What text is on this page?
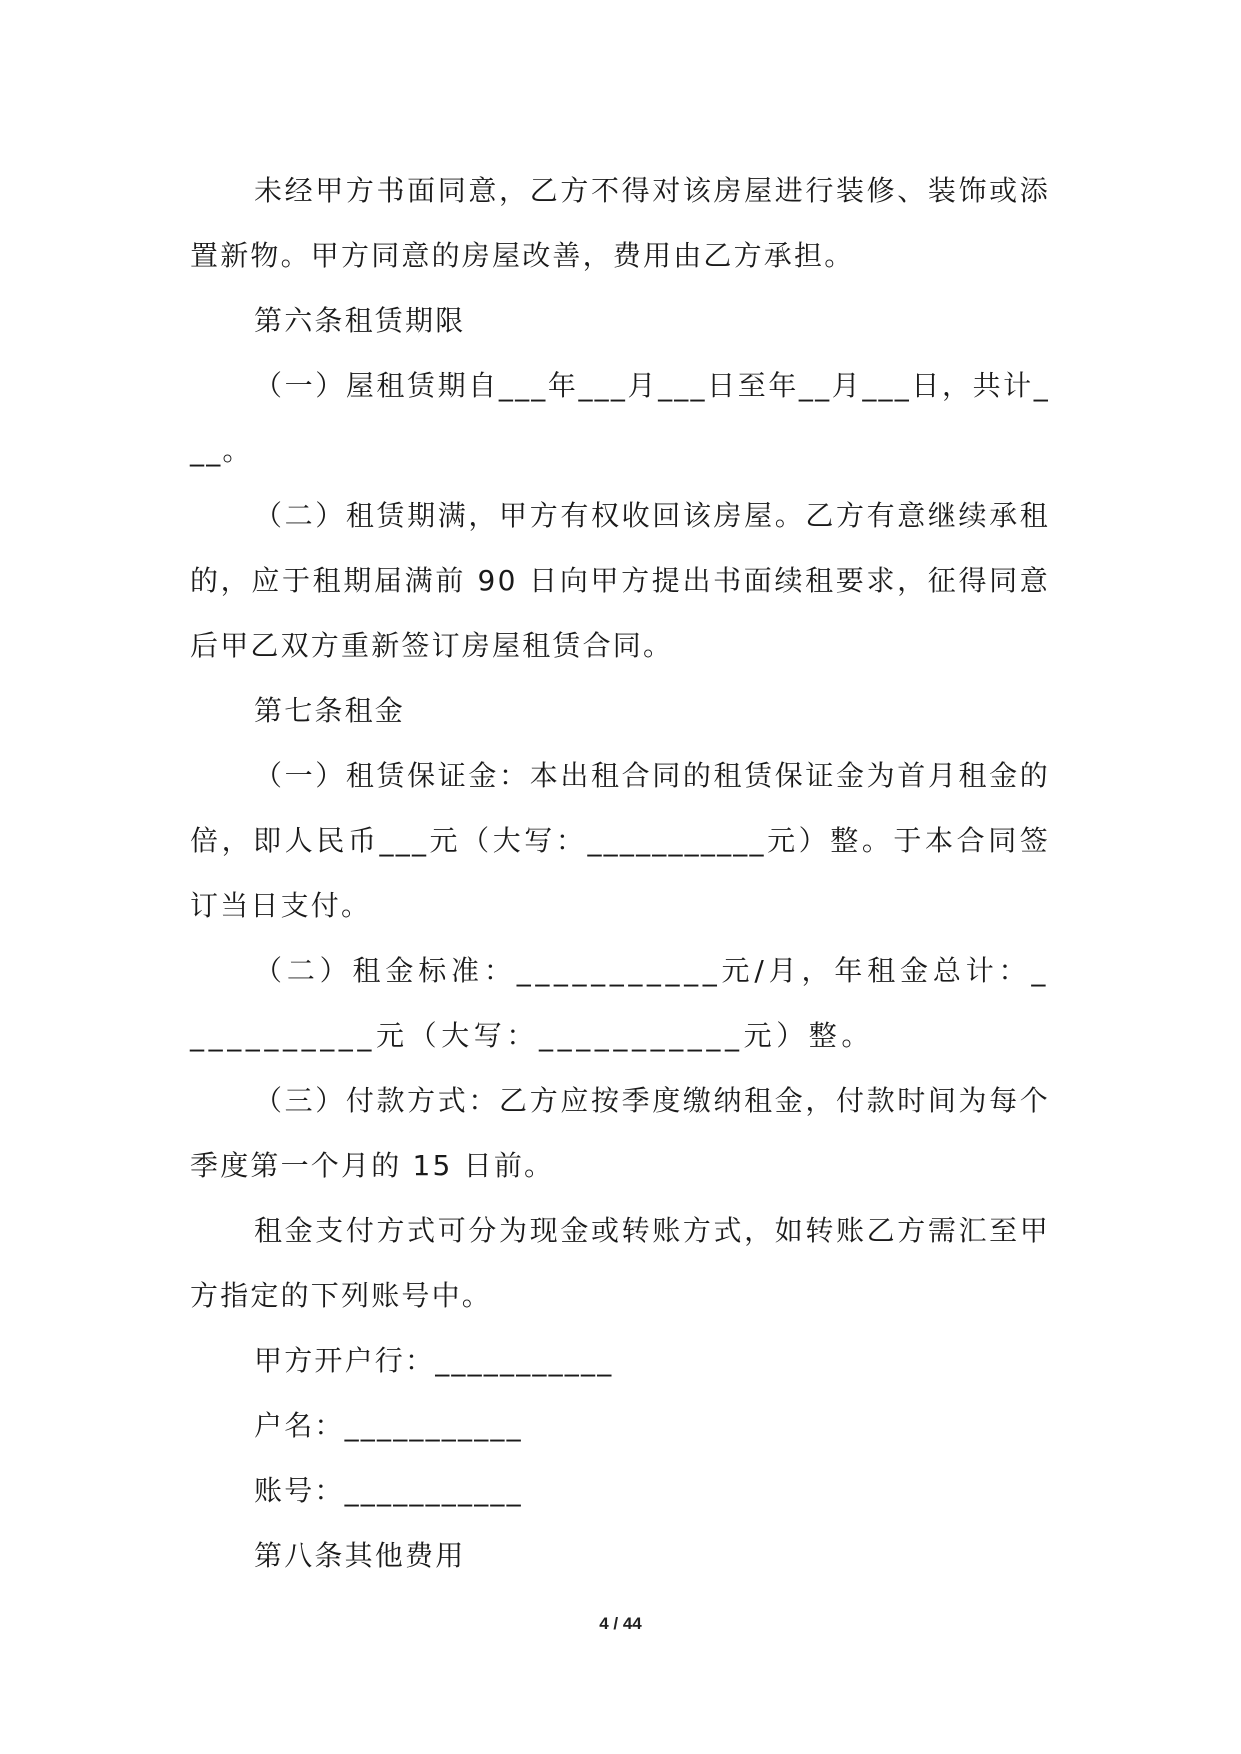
未经甲方书面同意，乙方不得对该房屋进行装修、装饰或添置新物。甲方同意的房屋改善，费用由乙方承担。

第六条租赁期限

（一）屋租赁期自___年___月___日至年__月___日，共计___。

（二）租赁期满，甲方有权收回该房屋。乙方有意继续承租的，应于租期届满前 90 日向甲方提出书面续租要求，征得同意后甲乙双方重新签订房屋租赁合同。

第七条租金

（一）租赁保证金：本出租合同的租赁保证金为首月租金的倍，即人民币___元（大写：___________元）整。于本合同签订当日支付。

（二）租金标准：___________元/月，年租金总计：___________元（大写：___________元）整。

（三）付款方式：乙方应按季度缴纳租金，付款时间为每个季度第一个月的 15 日前。

租金支付方式可分为现金或转账方式，如转账乙方需汇至甲方指定的下列账号中。

甲方开户行：___________

户名：___________

账号：___________

第八条其他费用

4 / 44
